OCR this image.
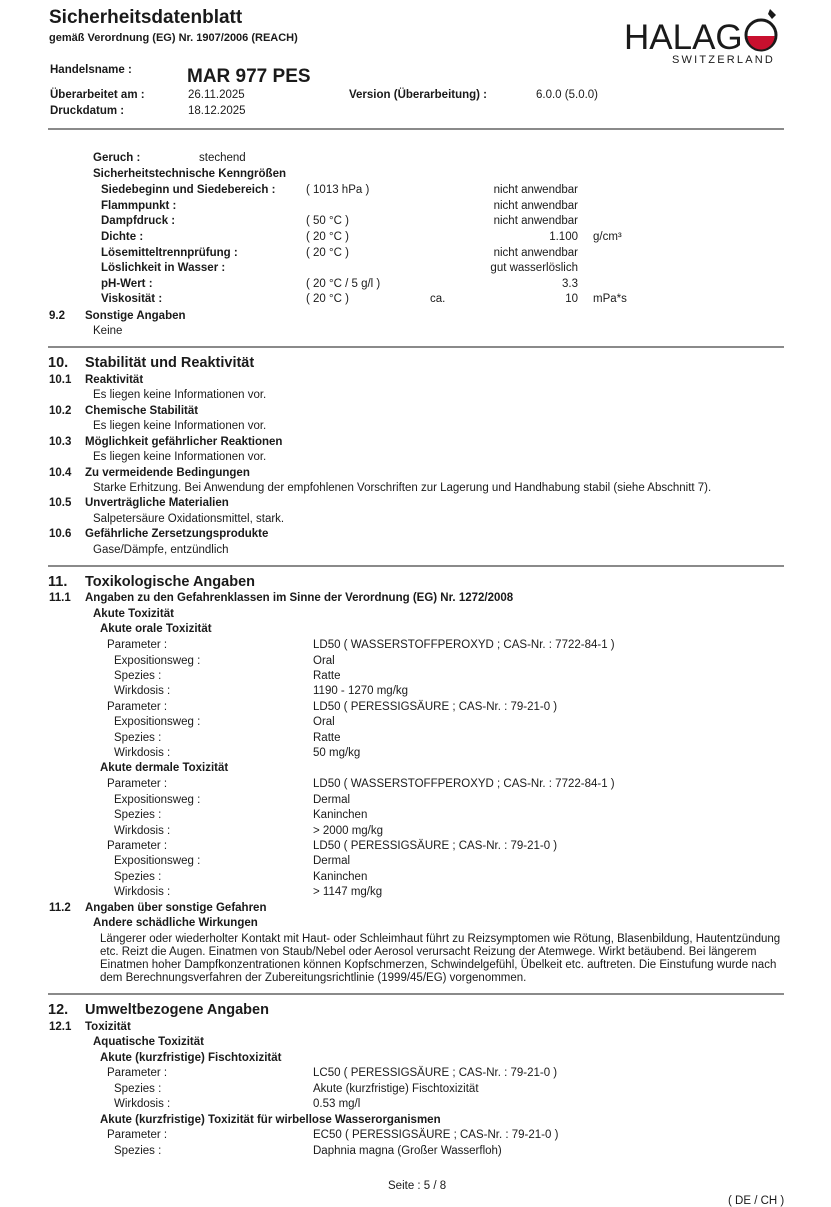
Sicherheitsdatenblatt
gemäß Verordnung (EG) Nr. 1907/2006 (REACH)	HALAG
SWITZERLAND
Handelsname :	MAR 977 PES
Überarbeitet am :	26.11.2025	Version (Überarbeitung) :	6.0.0 (5.0.0)
Druckdatum :	18.12.2025
Geruch :	stechend
Sicherheitstechnische Kenngrößen
Siedebeginn und Siedebereich :	( 1013 hPa )	nicht anwendbar
Flammpunkt :	nicht anwendbar
Dampfdruck :	( 50 °C )	nicht anwendbar
Dichte :	( 20 °C )	1.100 g/cm³
Lösemitteltrennprüfung :	( 20 °C )	nicht anwendbar
Löslichkeit in Wasser :	gut wasserlöslich
pH-Wert :	( 20 °C / 5 g/l )	3.3
Viskosität :	( 20 °C )	ca.	10 mPa*s
9.2 Sonstige Angaben
Keine
10. Stabilität und Reaktivität
10.1 Reaktivität
Es liegen keine Informationen vor.
10.2 Chemische Stabilität
Es liegen keine Informationen vor.
10.3 Möglichkeit gefährlicher Reaktionen
Es liegen keine Informationen vor.
10.4 Zu vermeidende Bedingungen
Starke Erhitzung. Bei Anwendung der empfohlenen Vorschriften zur Lagerung und Handhabung stabil (siehe Abschnitt 7).
10.5 Unverträgliche Materialien
Salpetersäure Oxidationsmittel, stark.
10.6 Gefährliche Zersetzungsprodukte
Gase/Dämpfe, entzündlich
11. Toxikologische Angaben
11.1 Angaben zu den Gefahrenklassen im Sinne der Verordnung (EG) Nr. 1272/2008
Akute Toxizität
Akute orale Toxizität
Parameter :	LD50 ( WASSERSTOFFPEROXYD ; CAS-Nr. : 7722-84-1 )
Expositionsweg :	Oral
Spezies :	Ratte
Wirkdosis :	1190 - 1270 mg/kg
Parameter :	LD50 ( PERESSIGSÄURE ; CAS-Nr. : 79-21-0 )
Expositionsweg :	Oral
Spezies :	Ratte
Wirkdosis :	50 mg/kg
Akute dermale Toxizität
Parameter :	LD50 ( WASSERSTOFFPEROXYD ; CAS-Nr. : 7722-84-1 )
Expositionsweg :	Dermal
Spezies :	Kaninchen
Wirkdosis :	> 2000 mg/kg
Parameter :	LD50 ( PERESSIGSÄURE ; CAS-Nr. : 79-21-0 )
Expositionsweg :	Dermal
Spezies :	Kaninchen
Wirkdosis :	> 1147 mg/kg
11.2 Angaben über sonstige Gefahren
Andere schädliche Wirkungen
Längerer oder wiederholter Kontakt mit Haut- oder Schleimhaut führt zu Reizsymptomen wie Rötung, Blasenbildung, Hautentzündung
etc. Reizt die Augen. Einatmen von Staub/Nebel oder Aerosol verursacht Reizung der Atemwege. Wirkt betäubend. Bei längerem
Einatmen hoher Dampfkonzentrationen können Kopfschmerzen, Schwindelgefühl, Übelkeit etc. auftreten. Die Einstufung wurde nach
dem Berechnungsverfahren der Zubereitungsrichtlinie (1999/45/EG) vorgenommen.
12. Umweltbezogene Angaben
12.1 Toxizität
Aquatische Toxizität
Akute (kurzfristige) Fischtoxizität
Parameter :	LC50 ( PERESSIGSÄURE ; CAS-Nr. : 79-21-0 )
Spezies :	Akute (kurzfristige) Fischtoxizität
Wirkdosis :	0.53 mg/l
Akute (kurzfristige) Toxizität für wirbellose Wasserorganismen
Parameter :	EC50 ( PERESSIGSÄURE ; CAS-Nr. : 79-21-0 )
Spezies :	Daphnia magna (Großer Wasserfloh)
Seite : 5 / 8
( DE / CH )
